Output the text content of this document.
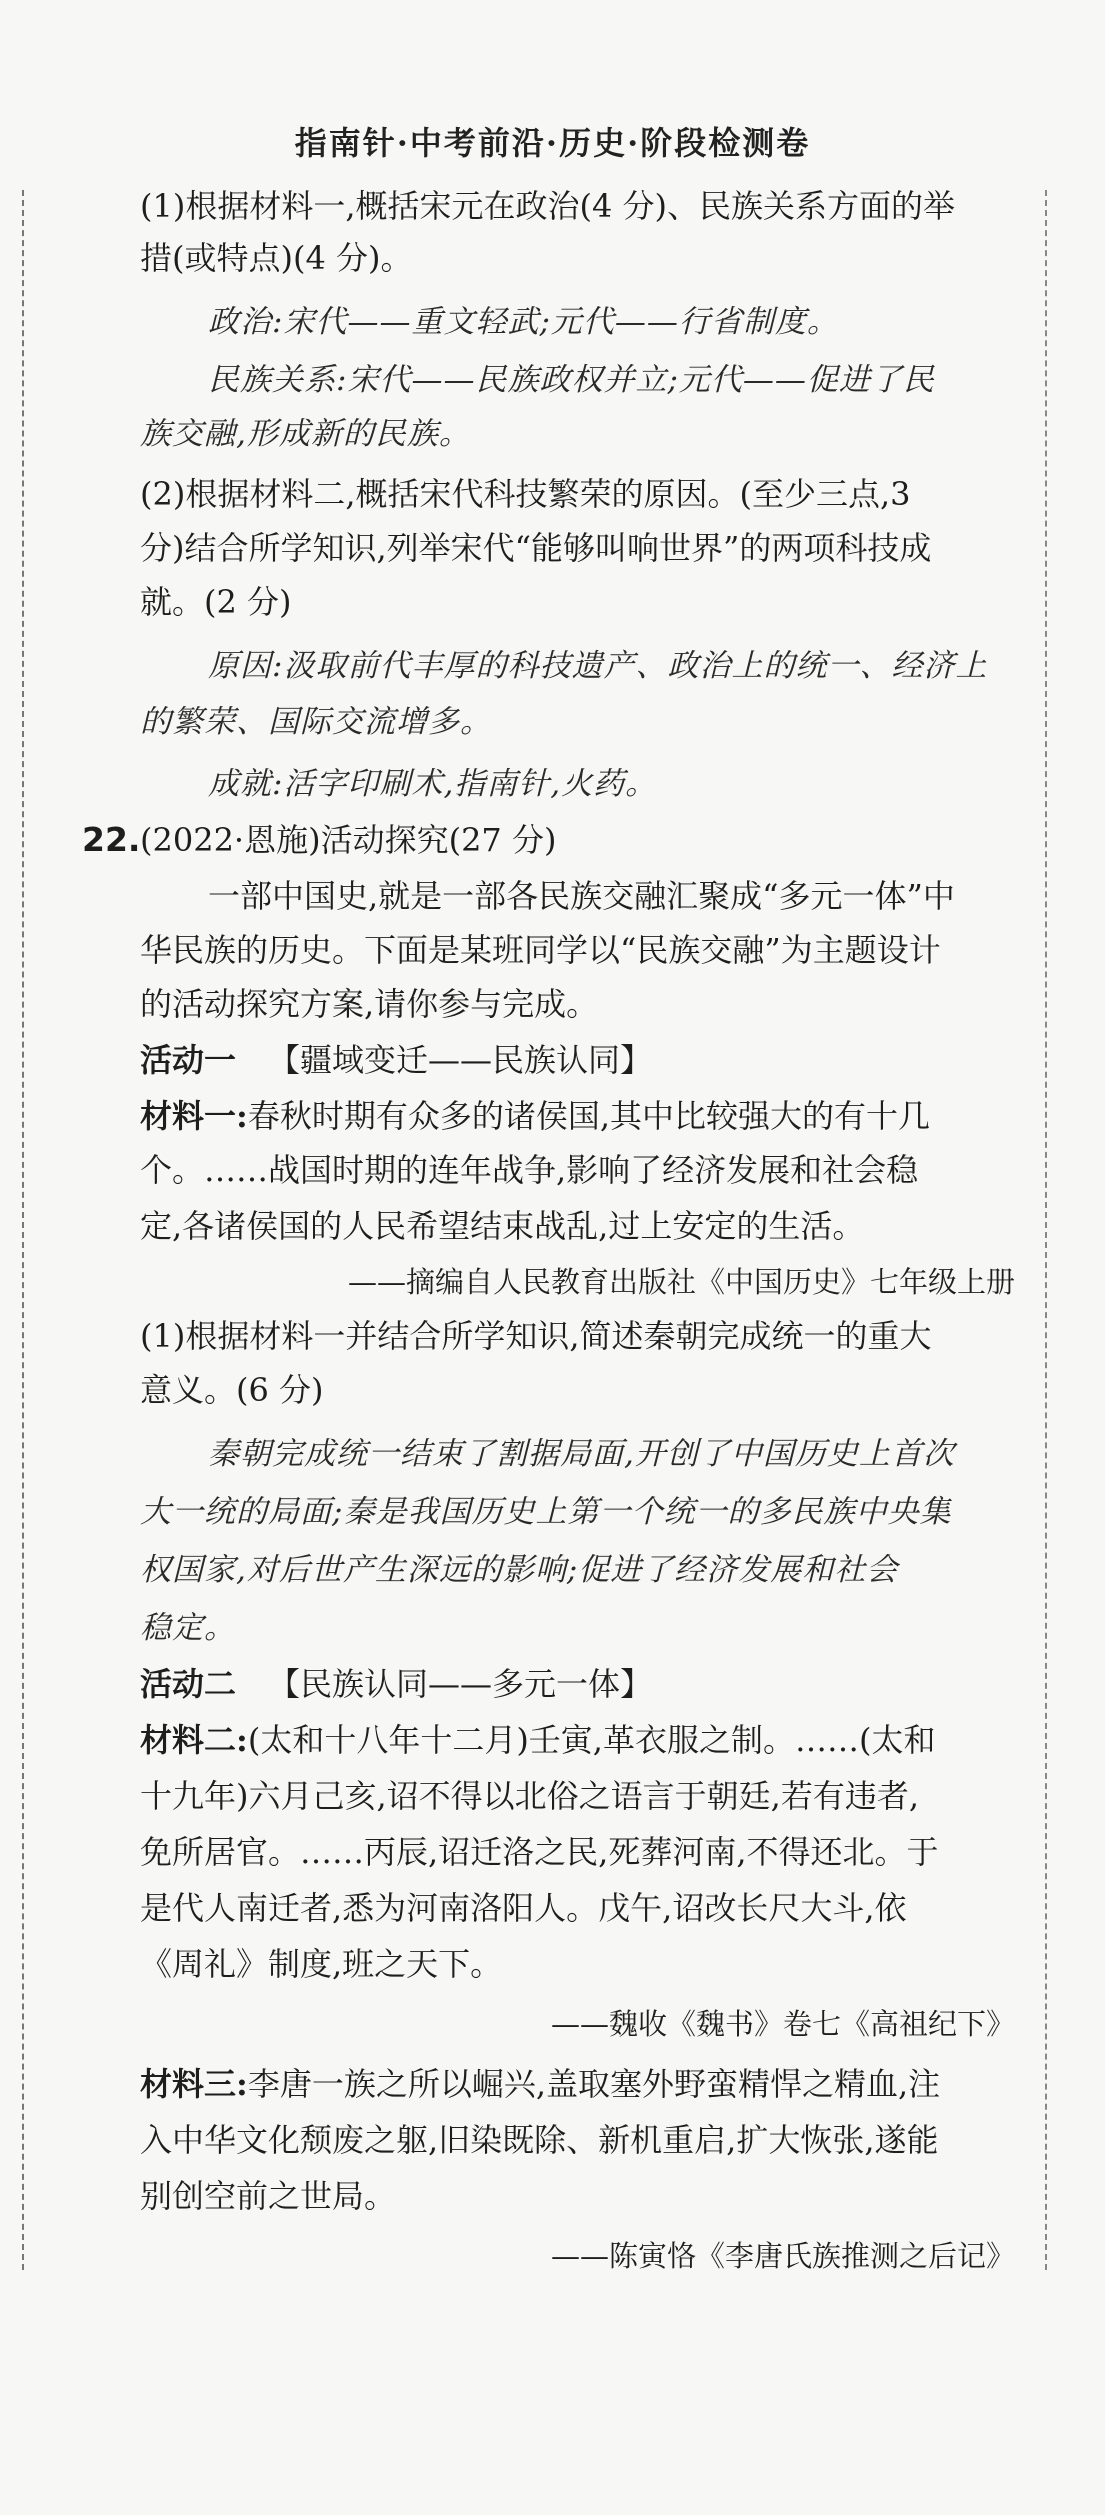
指南针·中考前沿·历史·阶段检测卷
(1)根据材料一,概括宋元在政治(4 分)、民族关系方面的举
措(或特点)(4 分)。
政治:宋代——重文轻武;元代——行省制度。
民族关系:宋代——民族政权并立;元代——促进了民
族交融,形成新的民族。
(2)根据材料二,概括宋代科技繁荣的原因。(至少三点,3
分)结合所学知识,列举宋代“能够叫响世界”的两项科技成
就。(2 分)
原因:汲取前代丰厚的科技遗产、政治上的统一、经济上
的繁荣、国际交流增多。
成就:活字印刷术,指南针,火药。
22. (2022·恩施)活动探究(27 分)
一部中国史,就是一部各民族交融汇聚成“多元一体”中
华民族的历史。下面是某班同学以“民族交融”为主题设计
的活动探究方案,请你参与完成。
活动一 【疆域变迁——民族认同】
材料一:春秋时期有众多的诸侯国,其中比较强大的有十几
个。……战国时期的连年战争,影响了经济发展和社会稳
定,各诸侯国的人民希望结束战乱,过上安定的生活。
——摘编自人民教育出版社《中国历史》七年级上册
(1)根据材料一并结合所学知识,简述秦朝完成统一的重大
意义。(6 分)
秦朝完成统一结束了割据局面,开创了中国历史上首次
大一统的局面;秦是我国历史上第一个统一的多民族中央集
权国家,对后世产生深远的影响;促进了经济发展和社会
稳定。
活动二 【民族认同——多元一体】
材料二:(太和十八年十二月)壬寅,革衣服之制。……(太和
十九年)六月己亥,诏不得以北俗之语言于朝廷,若有违者,
免所居官。……丙辰,诏迁洛之民,死葬河南,不得还北。于
是代人南迁者,悉为河南洛阳人。戊午,诏改长尺大斗,依
《周礼》制度,班之天下。
——魏收《魏书》卷七《高祖纪下》
材料三:李唐一族之所以崛兴,盖取塞外野蛮精悍之精血,注
入中华文化颓废之躯,旧染既除、新机重启,扩大恢张,遂能
别创空前之世局。
——陈寅恪《李唐氏族推测之后记》
